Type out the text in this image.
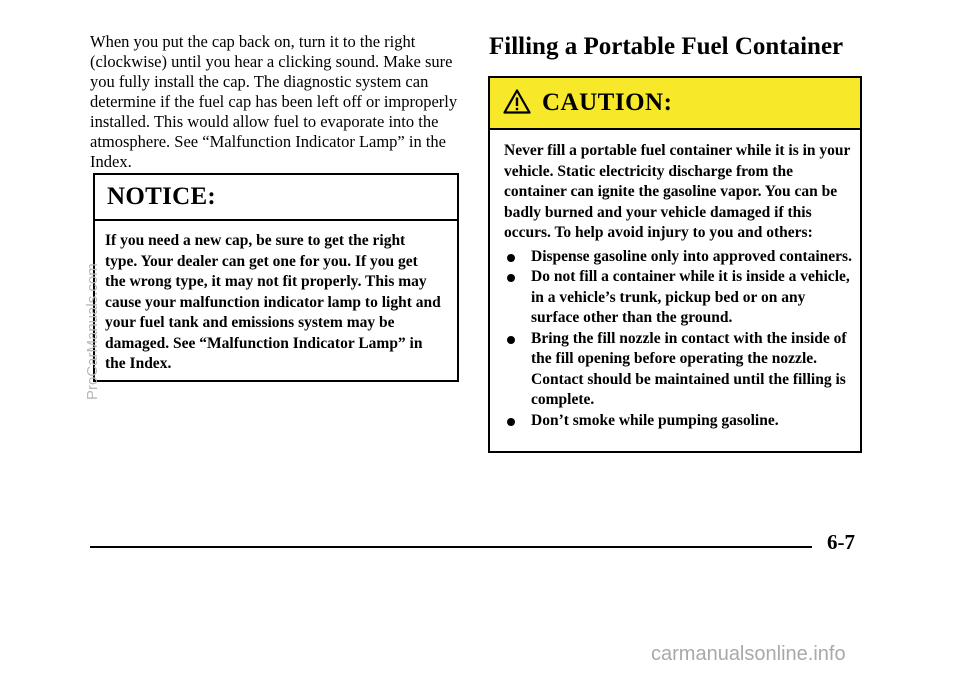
When you put the cap back on, turn it to the right (clockwise) until you hear a clicking sound. Make sure you fully install the cap. The diagnostic system can determine if the fuel cap has been left off or improperly installed. This would allow fuel to evaporate into the atmosphere. See “Malfunction Indicator Lamp” in the Index.

NOTICE:
If you need a new cap, be sure to get the right type. Your dealer can get one for you. If you get the wrong type, it may not fit properly. This may cause your malfunction indicator lamp to light and your fuel tank and emissions system may be damaged. See “Malfunction Indicator Lamp” in the Index.
Filling a Portable Fuel Container
CAUTION:
Never fill a portable fuel container while it is in your vehicle. Static electricity discharge from the container can ignite the gasoline vapor. You can be badly burned and your vehicle damaged if this occurs. To help avoid injury to you and others:
Dispense gasoline only into approved containers.
Do not fill a container while it is inside a vehicle, in a vehicle’s trunk, pickup bed or on any surface other than the ground.
Bring the fill nozzle in contact with the inside of the fill opening before operating the nozzle. Contact should be maintained until the filling is complete.
Don’t smoke while pumping gasoline.
6-7
ProCarManuals.com
carmanualsonline.info
